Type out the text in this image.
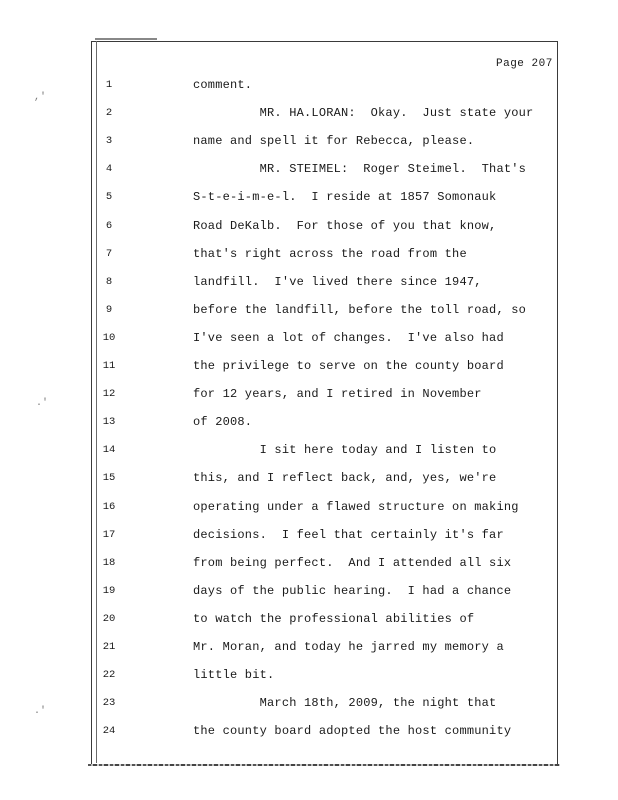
,'
.'
.'
Page 207
1	comment.
2	MR. HA.LORAN:  Okay.  Just state your
3	name and spell it for Rebecca, please.
4	MR. STEIMEL:  Roger Steimel.  That's
5	S-t-e-i-m-e-l.  I reside at 1857 Somonauk
6	Road DeKalb.  For those of you that know,
7	that's right across the road from the
8	landfill.  I've lived there since 1947,
9	before the landfill, before the toll road, so
10	I've seen a lot of changes.  I've also had
11	the privilege to serve on the county board
12	for 12 years, and I retired in November
13	of 2008.
14	I sit here today and I listen to
15	this, and I reflect back, and, yes, we're
16	operating under a flawed structure on making
17	decisions.  I feel that certainly it's far
18	from being perfect.  And I attended all six
19	days of the public hearing.  I had a chance
20	to watch the professional abilities of
21	Mr. Moran, and today he jarred my memory a
22	little bit.
23	March 18th, 2009, the night that
24	the county board adopted the host community
